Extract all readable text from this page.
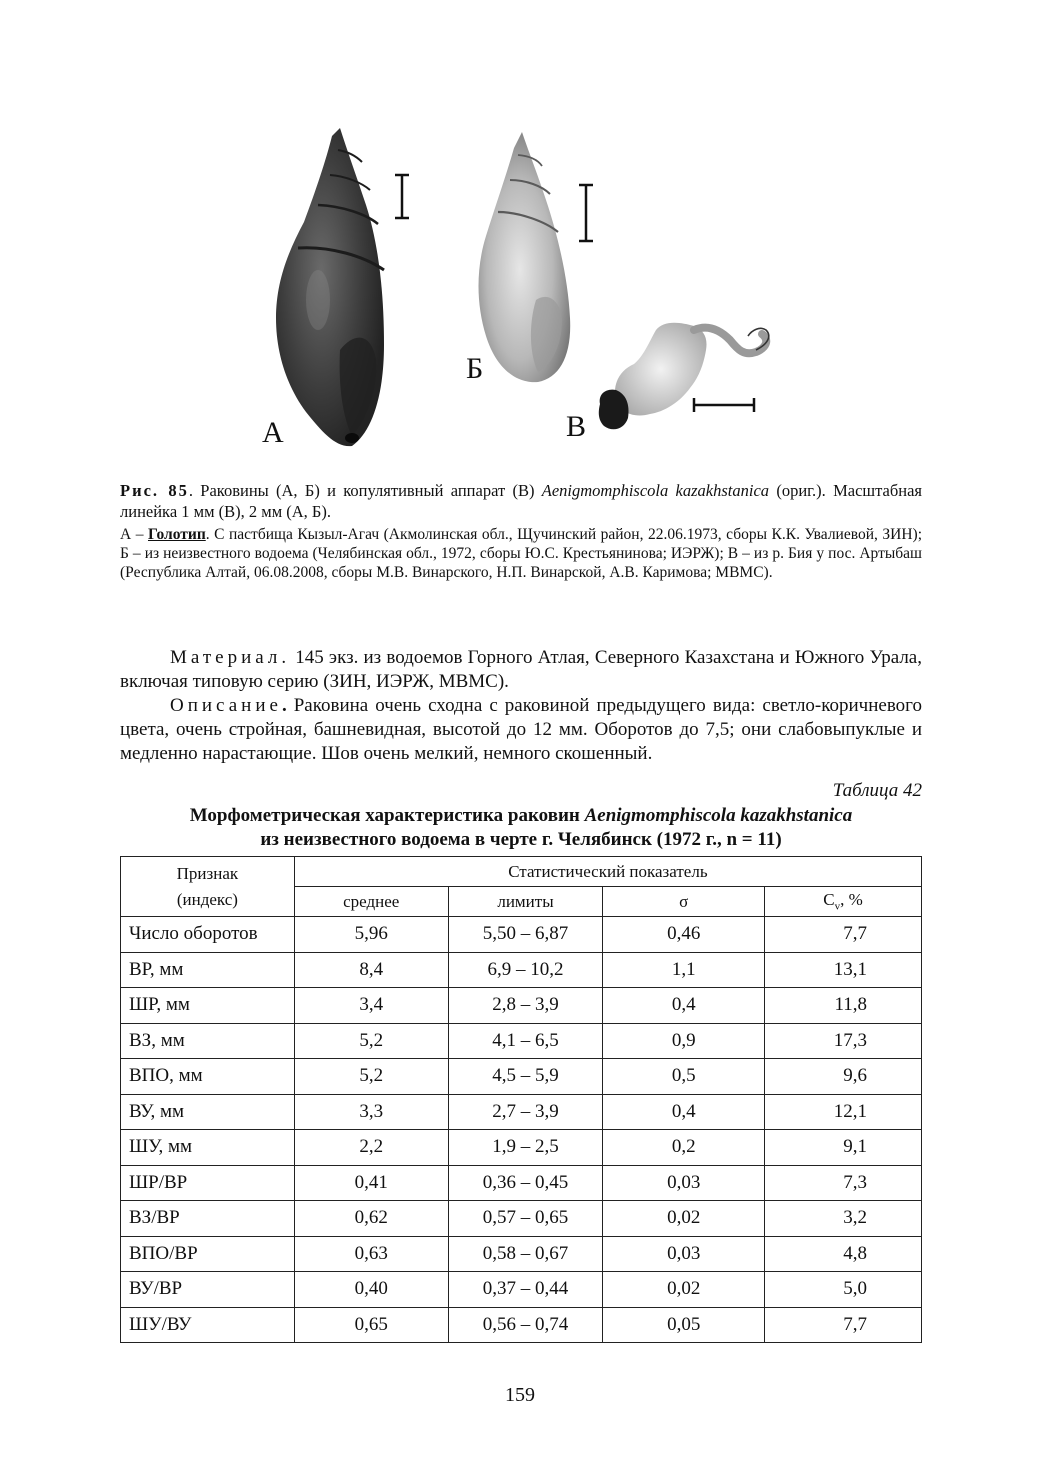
А
Б
В
Рис. 85. Раковины (А, Б) и копулятивный аппарат (В) Aenigmomphiscola kazakhstanica (ориг.). Масштабная линейка 1 мм (В), 2 мм (А, Б).
А – Голотип. С пастбища Кызыл-Агач (Акмолинская обл., Щучинский район, 22.06.1973, сборы К.К. Увалиевой, ЗИН); Б – из неизвестного водоема (Челябинская обл., 1972, сборы Ю.С. Крестьянинова; ИЭРЖ); В – из р. Бия у пос. Артыбаш (Республика Алтай, 06.08.2008, сборы М.В. Винарского, Н.П. Винарской, А.В. Каримова; МВМС).

Материал. 145 экз. из водоемов Горного Атлая, Северного Казахстана и Южного Урала, включая типовую серию (ЗИН, ИЭРЖ, МВМС).

Описание. Раковина очень сходна с раковиной предыдущего вида: светло-коричневого цвета, очень стройная, башневидная, высотой до 12 мм. Оборотов до 7,5; они слабовыпуклые и медленно нарастающие. Шов очень мелкий, немного скошенный.

Таблица 42
Морфометрическая характеристика раковин Aenigmomphiscola kazakhstanica
из неизвестного водоема в черте г. Челябинск (1972 г., n = 11)
Признак
(индекс)	Статистический показатель			
	среднее	лимиты	σ	$C_v$, %
Число оборотов	5,96	5,50 – 6,87	0,46	7,7
ВР, мм	8,4	6,9 – 10,2	1,1	13,1
ШР, мм	3,4	2,8 – 3,9	0,4	11,8
ВЗ, мм	5,2	4,1 – 6,5	0,9	17,3
ВПО, мм	5,2	4,5 – 5,9	0,5	9,6
ВУ, мм	3,3	2,7 – 3,9	0,4	12,1
ШУ, мм	2,2	1,9 – 2,5	0,2	9,1
ШР/ВР	0,41	0,36 – 0,45	0,03	7,3
ВЗ/ВР	0,62	0,57 – 0,65	0,02	3,2
ВПО/ВР	0,63	0,58 – 0,67	0,03	4,8
ВУ/ВР	0,40	0,37 – 0,44	0,02	5,0
ШУ/ВУ	0,65	0,56 – 0,74	0,05	7,7
159
